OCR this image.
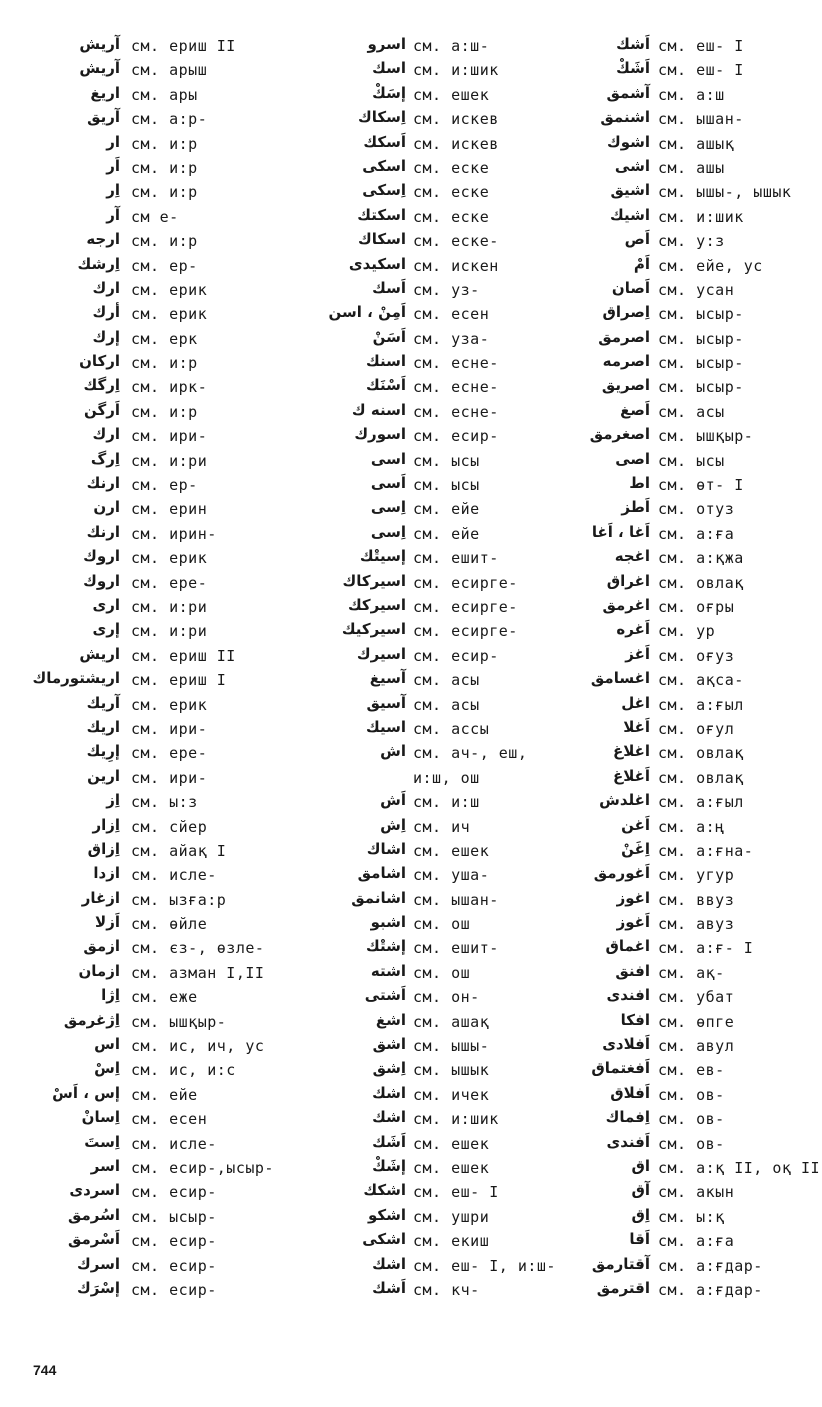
آریش см. ериш II
آریش см. арыш
اریغ см. ары
آریق см. а:р-
ار см. и:р
اَر см. и:р
اِر см. и:р
آر см е-
ارجه см. и:р
اِرشك см. ер-
ارك см. ерик
أرك см. ерик
إرك см. ерк
اركان см. и:р
اِرگك см. ирк-
اَرگن см. и:р
ارك см. ири-
اِرگ см. и:ри
ارنك см. ер-
ارن см. ерин
ارنك см. ирин-
اروك см. ерик
اروك см. ере-
ارى см. и:ри
إرى см. и:ри
اريش см. ериш II
اريشتورماك см. ериш I
آريك см. ерик
اريك см. ири-
إرِيك см. ере-
ارين см. ири-
اِز см. ы:з
اِزار см. сйер
اِزاق см. айақ I
ازدا см. исле-
ازغار см. ызға:р
اَزلا см. өйле
ازمق см. єз-, өзле-
ازمان см. азман I,II
اِژا см. еже
اِژغرمق см. ышқыр-
اس см. ис, ич, ус
اِسْ см. ис, и:с
إس ، اَسْ см. ейе
اِسانْ см. есен
اِستَ см. исле-
اسر см. есир-,ысыр-
اسردى см. есир-
اسُرمق см. ысыр-
اَسْرمق см. есир-
اسرك см. есир-
إسْرَك см. есир-
اسرو см. а:ш-
اسك см. и:шик
إسَكْ см. ешек
اِسكاك см. искев
اَسكك см. искев
اسكى см. еске
اِسكى см. еске
اسكتك см. еске
اسكاك см. еске-
اسكيدى см. искен
اَسك см. уз-
اَمِنْ ، اسن см. есен
اَسَنْ см. уза-
اسنك см. есне-
اَسْنَك см. есне-
اسنه ك см. есне-
اسورك см. есир-
اسى см. ысы
اَسى см. ысы
اِسى см. ейе
اِسى см. ейе
إسيتْك см. ешит-
اسيركاك см. есирге-
اسيركك см. есирге-
اسيركيك см. есирге-
اسيرك см. есир-
آسيغ см. асы
آسيق см. асы
اسيك см. ассы
اش см. ач-, еш,
и:ш, ош
اَش см. и:ш
اِش см. ич
اشاك см. ешек
اشامق см. уша-
اشانمق см. ышан-
اشبو см. ош
إشتْك см. ешит-
اشته см. ош
اَشتى см. он-
اشغ см. ашақ
اشق см. ышы-
اِشق см. ышык
اشك см. ичек
اشك см. и:шик
اَشَك см. ешек
إشَكْ см. ешек
اشكك см. еш- I
اشكو см. ушри
اشكى см. екиш
اشك см. еш- I, и:ш-
اَشك см. кч-
اَشك см. еш- I
اَشَكْ см. еш- I
آشمق см. а:ш
اشنمق см. ышан-
اشوك см. ашық
اشى см. ашы
اشيق см. ышы-, ышык
اشيك см. и:шик
اَص см. у:з
اَمْ см. ейе, ус
اَصان см. усан
اِصراق см. ысыр-
اصرمق см. ысыр-
اصرمه см. ысыр-
اصريق см. ысыр-
اَصغ см. асы
اصغرمق см. ышқыр-
اصى см. ысы
اط см. өт- I
اَطز см. отуз
اَغا ، اَغا см. а:ға
اغجه см. а:қжа
اغراق см. овлақ
اغرمق см. оғры
اَغره см. ур
اَغز см. оғуз
اغسامق см. ақса-
اغل см. а:ғыл
اَغلا см. оғул
اغلاغ см. овлақ
اَغلاغ см. овлақ
اغلدش см. а:ғыл
اَغن см. а:ң
اِغَنْ см. а:ғна-
اَغورمق см. угур
اغوز см. ввуз
اَغوز см. авуз
اغماق см. а:ғ- I
افنق см. ақ-
افندى см. убат
افكا см. өпге
اَفلادى см. авул
اَفغتماق см. ев-
اَفلاق см. ов-
اِفماك см. ов-
اَفندى см. ов-
اق см. а:қ II, оқ II
آق см. акын
اِق см. ы:қ
اَقا см. а:ға
آقتارمق см. а:ғдар-
اقترمق см. а:ғдар-
744
